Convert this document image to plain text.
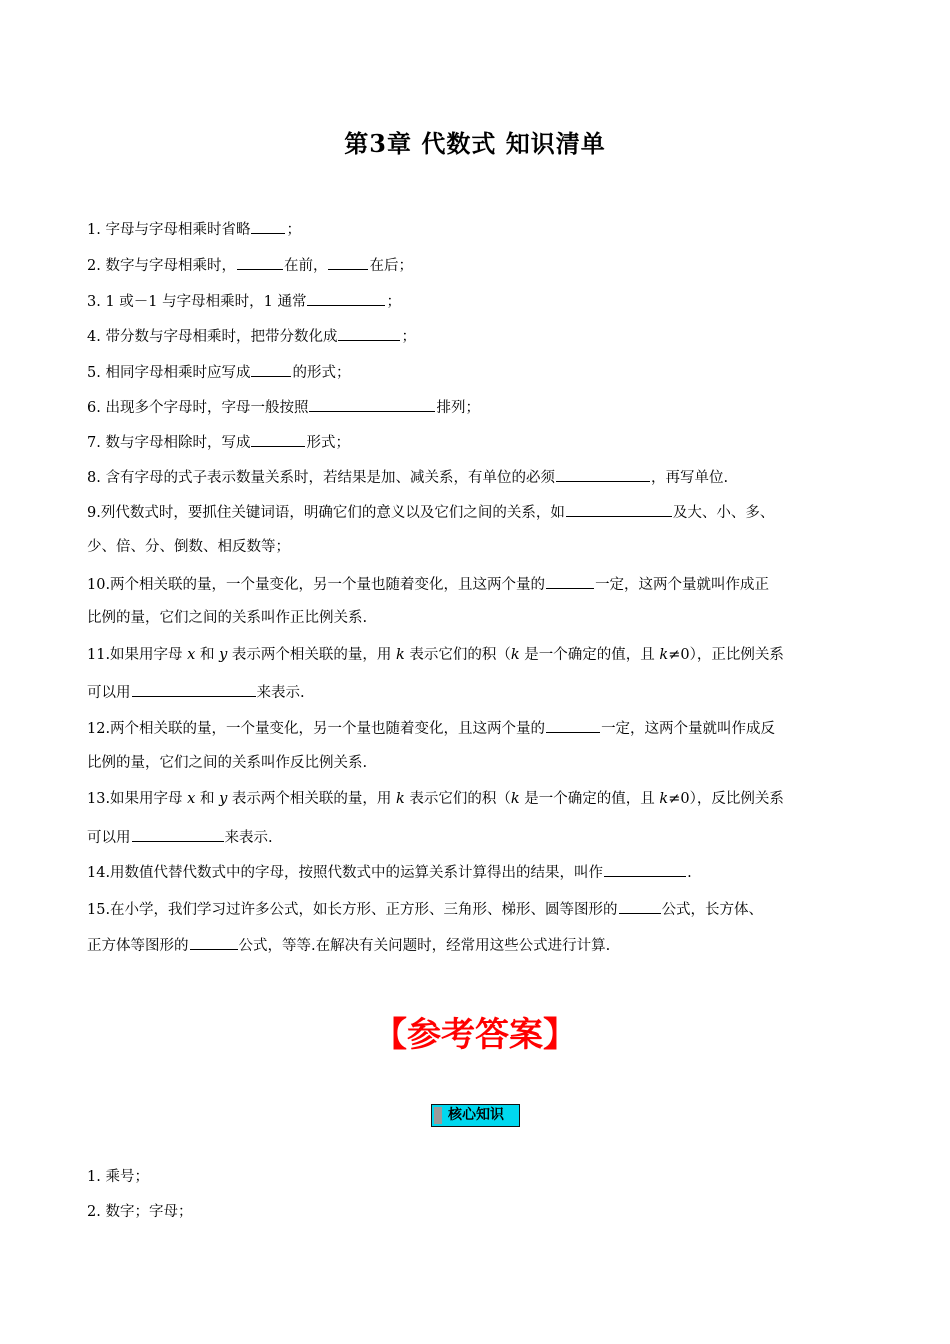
第3章 代数式 知识清单
1. 字母与字母相乘时省略 ；
2. 数字与字母相乘时，	在前，	在后；
3. 1 或－1 与字母相乘时，1 通常	；
4. 带分数与字母相乘时，把带分数化成	；
5. 相同字母相乘时应写成	的形式；
6. 出现多个字母时，字母一般按照	排列；
7. 数与字母相除时，写成	形式；
8. 含有字母的式子表示数量关系时，若结果是加、减关系，有单位的必须	，再写单位.
9.列代数式时，要抓住关键词语，明确它们的意义以及它们之间的关系，如	及大、小、多、
少、倍、分、倒数、相反数等；
10.两个相关联的量，一个量变化，另一个量也随着变化，且这两个量的	一定，这两个量就叫作成正
比例的量，它们之间的关系叫作正比例关系.
11.如果用字母 x 和 y 表示两个相关联的量，用 k 表示它们的积（k 是一个确定的值，且 k≠0），正比例关系
可以用	来表示.
12.两个相关联的量，一个量变化，另一个量也随着变化，且这两个量的	一定，这两个量就叫作成反
比例的量，它们之间的关系叫作反比例关系.
13.如果用字母 x 和 y 表示两个相关联的量，用 k 表示它们的积（k 是一个确定的值，且 k≠0），反比例关系
可以用	来表示.
14.用数值代替代数式中的字母，按照代数式中的运算关系计算得出的结果，叫作	.
15.在小学，我们学习过许多公式，如长方形、正方形、三角形、梯形、圆等图形的	公式，长方体、
正方体等图形的	公式，等等.在解决有关问题时，经常用这些公式进行计算.
【参考答案】
核心知识
1. 乘号；
2. 数字；字母；
